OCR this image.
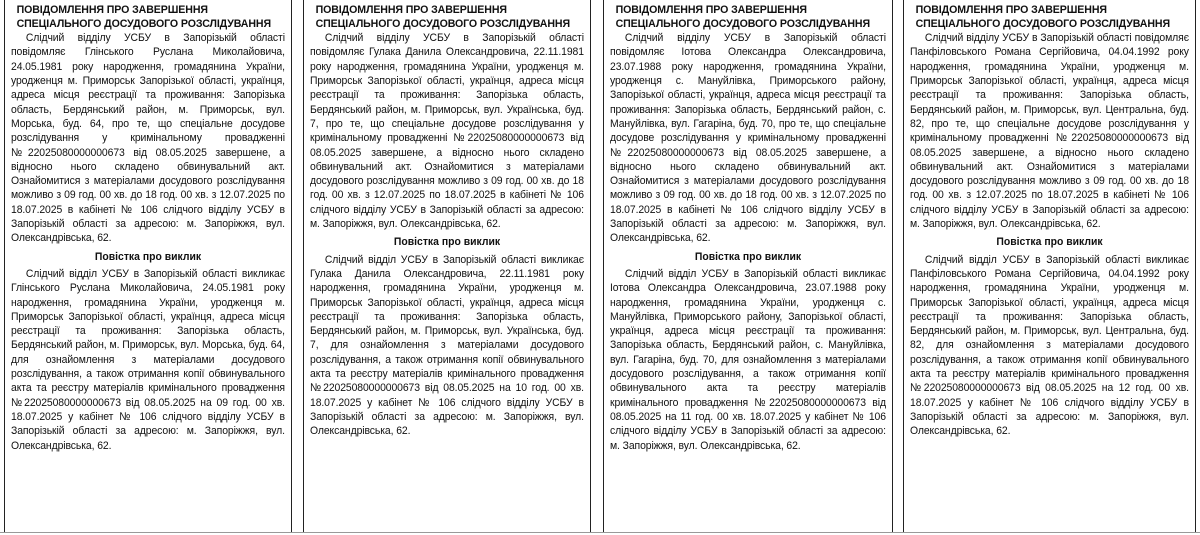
ПОВІДОМЛЕННЯ ПРО ЗАВЕРШЕННЯ СПЕЦІАЛЬНОГО ДОСУДОВОГО РОЗСЛІДУВАННЯ

Слідчий відділу УСБУ в Запорізькій області повідомляє Глінського Руслана Миколайовича, 24.05.1981 року народження, громадянина України, уродженця м. Приморськ Запорізької області, українця, адреса місця реєстрації та проживання: Запорізька область, Бердянський район, м. Приморськ, вул. Морська, буд. 64, про те, що спеціальне досудове розслідування у кримінальному провадженні №22025080000000673 від 08.05.2025 завершене, а відносно нього складено обвинувальний акт. Ознайомитися з матеріалами досудового розслідування можливо з 09 год. 00 хв. до 18 год. 00 хв. з 12.07.2025 по 18.07.2025 в кабінеті № 106 слідчого відділу УСБУ в Запорізькій області за адресою: м. Запоріжжя, вул. Олександрівська, 62.

Повістка про виклик

Слідчий відділ УСБУ в Запорізькій області викликає Глінського Руслана Миколайовича, 24.05.1981 року народження, громадянина України, уродженця м. Приморськ Запорізької області, українця, адреса місця реєстрації та проживання: Запорізька область, Бердянський район, м. Приморськ, вул. Морська, буд. 64, для ознайомлення з матеріалами досудового розслідування, а також отримання копії обвинувального акта та реєстру матеріалів кримінального провадження №22025080000000673 від 08.05.2025 на 09 год. 00 хв. 18.07.2025 у кабінет № 106 слідчого відділу УСБУ в Запорізькій області за адресою: м. Запоріжжя, вул. Олександрівська, 62.

ПОВІДОМЛЕННЯ ПРО ЗАВЕРШЕННЯ СПЕЦІАЛЬНОГО ДОСУДОВОГО РОЗСЛІДУВАННЯ

Слідчий відділу УСБУ в Запорізькій області повідомляє Гулака Данила Олександровича, 22.11.1981 року народження, громадянина України, уродженця м. Приморськ Запорізької області, українця, адреса місця реєстрації та проживання: Запорізька область, Бердянський район, м. Приморськ, вул. Українська, буд. 7, про те, що спеціальне досудове розслідування у кримінальному провадженні №22025080000000673 від 08.05.2025 завершене, а відносно нього складено обвинувальний акт. Ознайомитися з матеріалами досудового розслідування можливо з 09 год. 00 хв. до 18 год. 00 хв. з 12.07.2025 по 18.07.2025 в кабінеті № 106 слідчого відділу УСБУ в Запорізькій області за адресою: м. Запоріжжя, вул. Олександрівська, 62.

Повістка про виклик

Слідчий відділ УСБУ в Запорізькій області викликає Гулака Данила Олександровича, 22.11.1981 року народження, громадянина України, уродженця м. Приморськ Запорізької області, українця, адреса місця реєстрації та проживання: Запорізька область, Бердянський район, м. Приморськ, вул. Українська, буд. 7, для ознайомлення з матеріалами досудового розслідування, а також отримання копії обвинувального акта та реєстру матеріалів кримінального провадження №22025080000000673 від 08.05.2025 на 10 год. 00 хв. 18.07.2025 у кабінет № 106 слідчого відділу УСБУ в Запорізькій області за адресою: м. Запоріжжя, вул. Олександрівська, 62.

ПОВІДОМЛЕННЯ ПРО ЗАВЕРШЕННЯ СПЕЦІАЛЬНОГО ДОСУДОВОГО РОЗСЛІДУВАННЯ

Слідчий відділу УСБУ в Запорізькій області повідомляє Іотова Олександра Олександровича, 23.07.1988 року народження, громадянина України, уродженця с. Мануйлівка, Приморського району, Запорізької області, українця, адреса місця реєстрації та проживання: Запорізька область, Бердянський район, с. Мануйлівка, вул. Гагаріна, буд. 70, про те, що спеціальне досудове розслідування у кримінальному провадженні №22025080000000673 від 08.05.2025 завершене, а відносно нього складено обвинувальний акт. Ознайомитися з матеріалами досудового розслідування можливо з 09 год. 00 хв. до 18 год. 00 хв. з 12.07.2025 по 18.07.2025 в кабінеті № 106 слідчого відділу УСБУ в Запорізькій області за адресою: м. Запоріжжя, вул. Олександрівська, 62.

Повістка про виклик

Слідчий відділ УСБУ в Запорізькій області викликає Іотова Олександра Олександровича, 23.07.1988 року народження, громадянина України, уродженця с. Мануйлівка, Приморського району, Запорізької області, українця, адреса місця реєстрації та проживання: Запорізька область, Бердянський район, с. Мануйлівка, вул. Гагаріна, буд. 70, для ознайомлення з матеріалами досудового розслідування, а також отримання копії обвинувального акта та реєстру матеріалів кримінального провадження №22025080000000673 від 08.05.2025 на 11 год. 00 хв. 18.07.2025 у кабінет № 106 слідчого відділу УСБУ в Запорізькій області за адресою: м. Запоріжжя, вул. Олександрівська, 62.

ПОВІДОМЛЕННЯ ПРО ЗАВЕРШЕННЯ СПЕЦІАЛЬНОГО ДОСУДОВОГО РОЗСЛІДУВАННЯ

Слідчий відділу УСБУ в Запорізькій області повідомляє Панфіловського Романа Сергійовича, 04.04.1992 року народження, громадянина України, уродженця м. Приморськ Запорізької області, українця, адреса місця реєстрації та проживання: Запорізька область, Бердянський район, м. Приморськ, вул. Центральна, буд. 82, про те, що спеціальне досудове розслідування у кримінальному провадженні №22025080000000673 від 08.05.2025 завершене, а відносно нього складено обвинувальний акт. Ознайомитися з матеріалами досудового розслідування можливо з 09 год. 00 хв. до 18 год. 00 хв. з 12.07.2025 по 18.07.2025 в кабінеті № 106 слідчого відділу УСБУ в Запорізькій області за адресою: м. Запоріжжя, вул. Олександрівська, 62.

Повістка про виклик

Слідчий відділ УСБУ в Запорізькій області викликає Панфіловського Романа Сергійовича, 04.04.1992 року народження, громадянина України, уродженця м. Приморськ Запорізької області, українця, адреса місця реєстрації та проживання: Запорізька область, Бердянський район, м. Приморськ, вул. Центральна, буд. 82, для ознайомлення з матеріалами досудового розслідування, а також отримання копії обвинувального акта та реєстру матеріалів кримінального провадження №22025080000000673 від 08.05.2025 на 12 год. 00 хв. 18.07.2025 у кабінет № 106 слідчого відділу УСБУ в Запорізькій області за адресою: м. Запоріжжя, вул. Олександрівська, 62.
